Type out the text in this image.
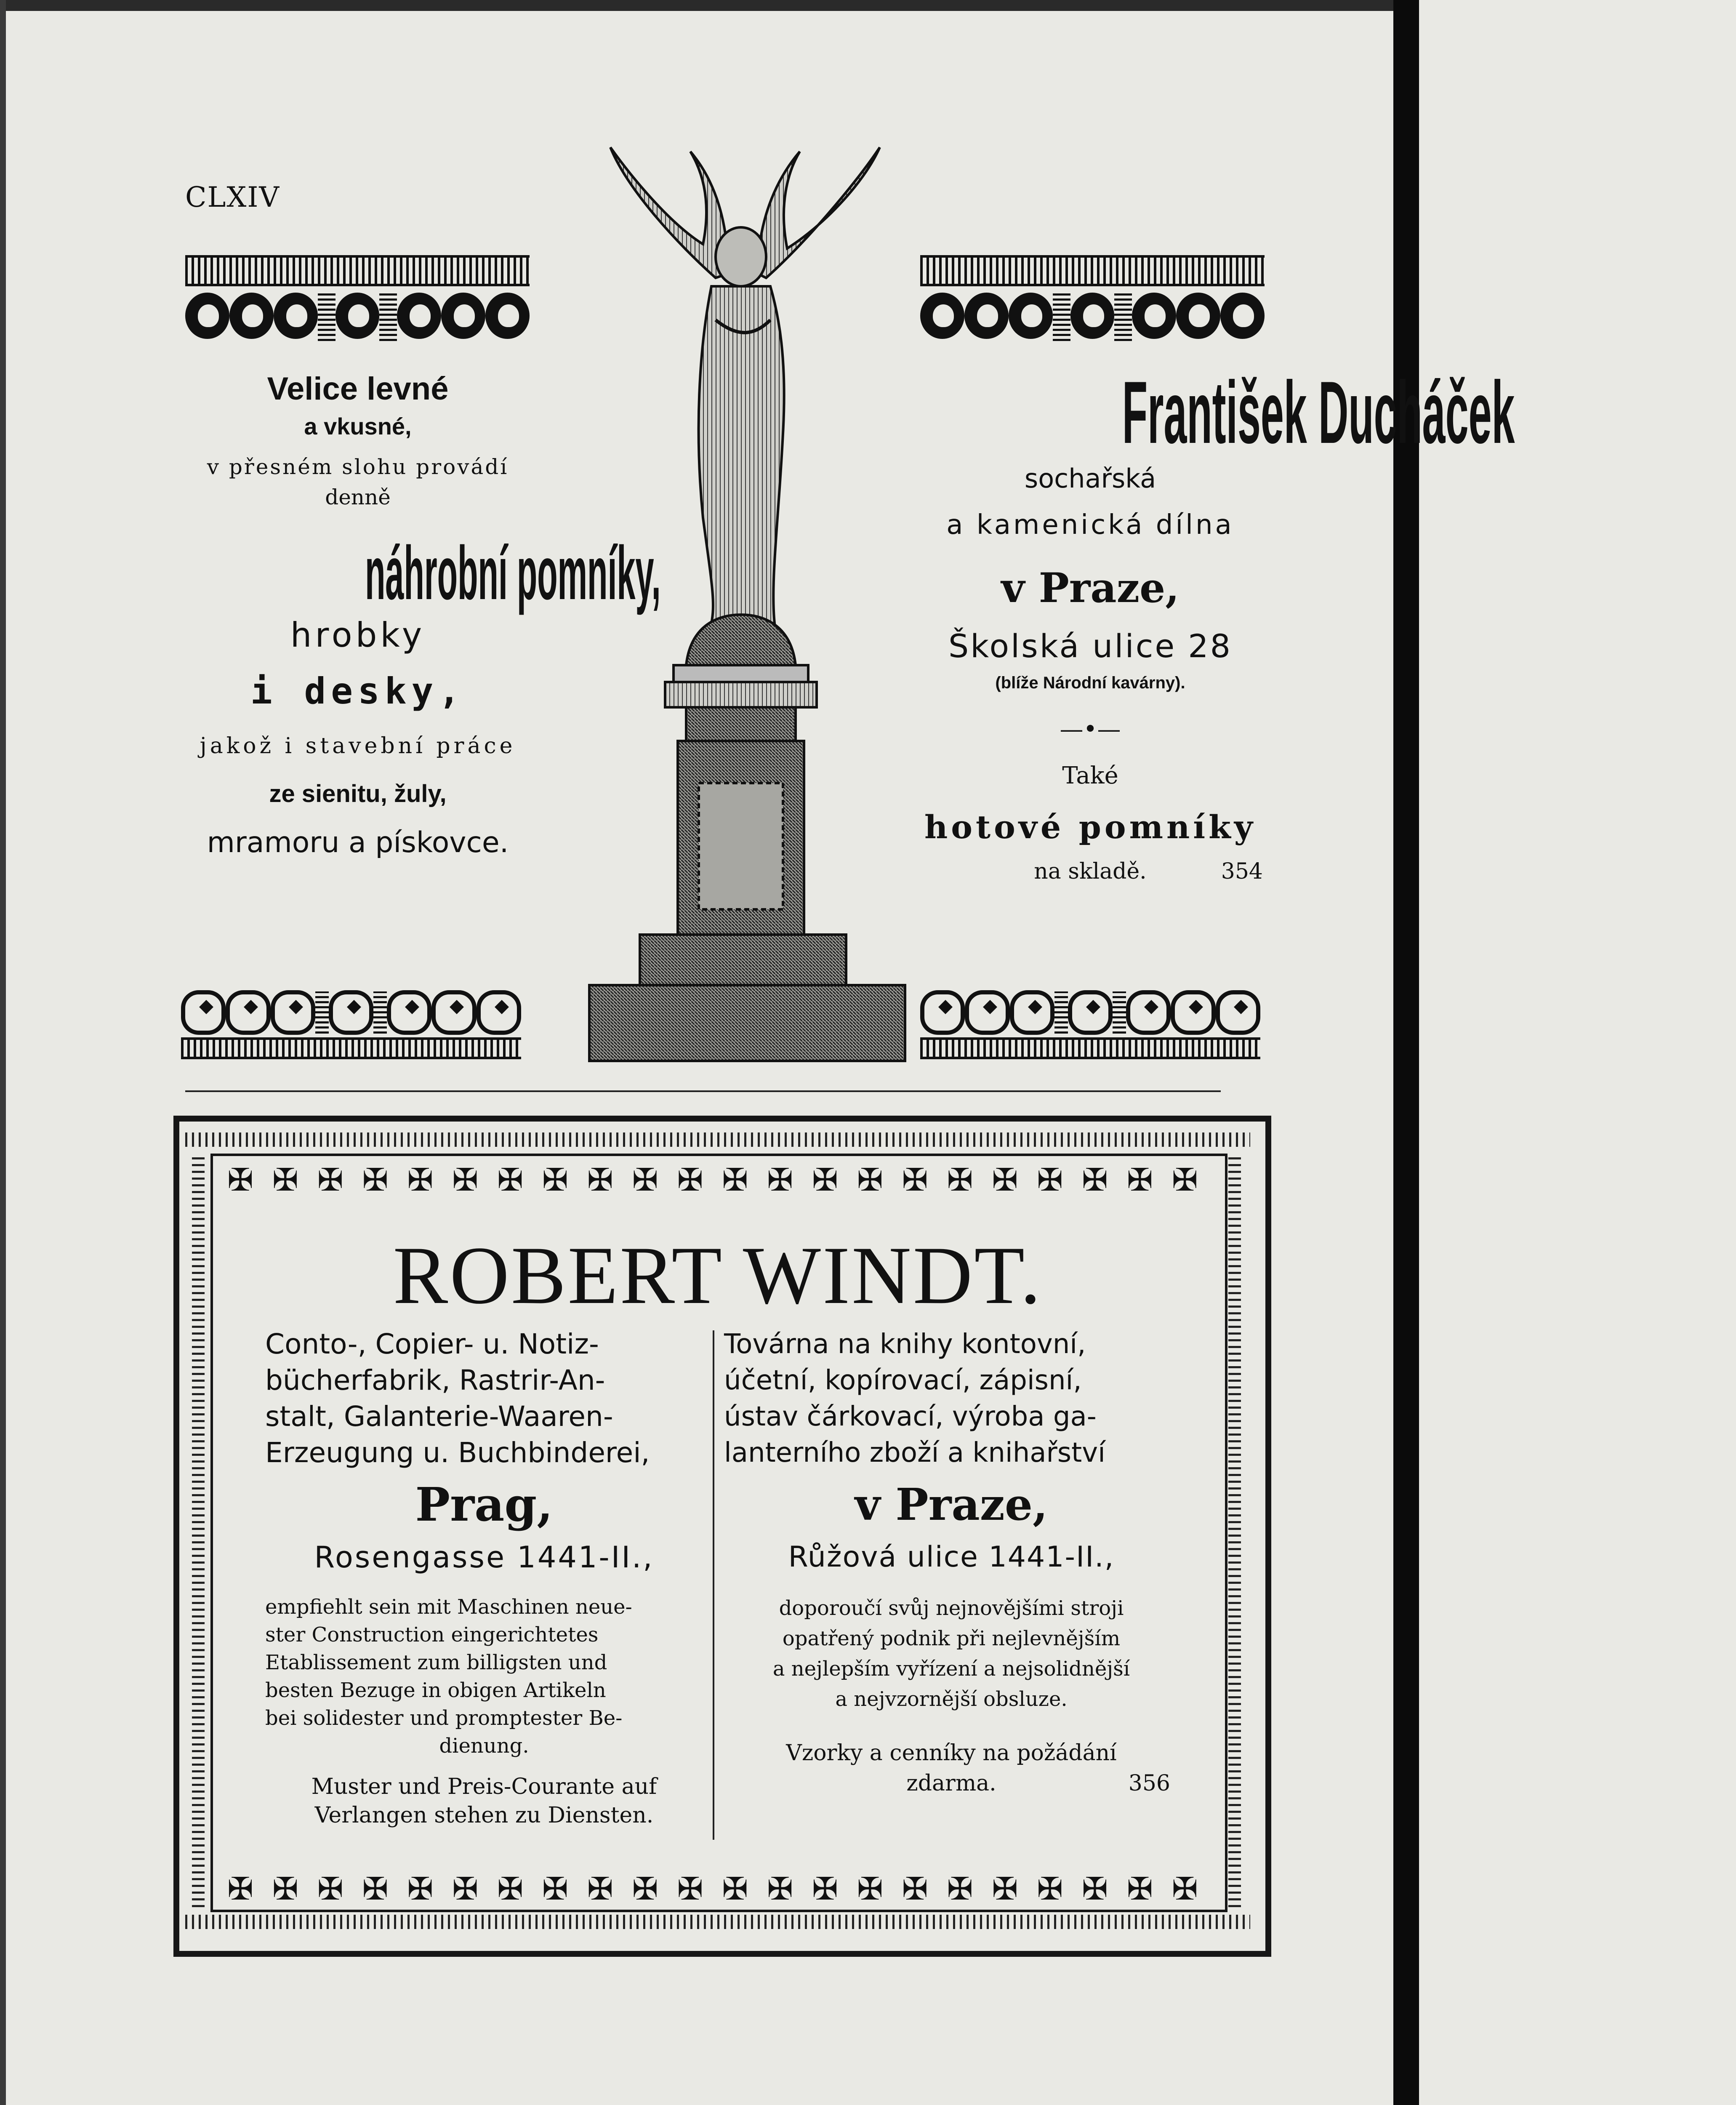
CLXIV
Velice levné
a vkusné,
v přesném slohu provádí
denně
náhrobní pomníky,
hrobky
i desky,
jakož i stavební práce
ze sienitu, žuly,
mramoru a pískovce.
František Ducháček
sochařská
a kamenická dílna
v Praze,
Školská ulice 28
(blíže Národní kavárny).
—•—
Také
hotové pomníky
na skladě.	354
✠ ✠ ✠ ✠ ✠ ✠ ✠ ✠ ✠ ✠ ✠ ✠ ✠ ✠ ✠ ✠ ✠ ✠ ✠ ✠ ✠ ✠
✠ ✠ ✠ ✠ ✠ ✠ ✠ ✠ ✠ ✠ ✠ ✠ ✠ ✠ ✠ ✠ ✠ ✠ ✠ ✠ ✠ ✠
ROBERT WINDT.
Conto-, Copier- u. Notiz-
bücherfabrik, Rastrir-An-
stalt, Galanterie-Waaren-
Erzeugung u. Buchbinderei,
Prag,
Rosengasse 1441-II.,
empfiehlt sein mit Maschinen neue-
ster Construction eingerichtetes
Etablissement zum billigsten und
besten Bezuge in obigen Artikeln
bei solidester und promptester Be-
dienung.
Muster und Preis-Courante auf
Verlangen stehen zu Diensten.
Továrna na knihy kontovní,
účetní, kopírovací, zápisní,
ústav čárkovací, výroba ga-
lanterního zboží a knihařství
v Praze,
Růžová ulice 1441-II.,
doporoučí svůj nejnovějšími stroji
opatřený podnik při nejlevnějším
a nejlepším vyřízení a nejsolidnější
a nejvzornější obsluze.
Vzorky a cenníky na požádání
zdarma.	356
